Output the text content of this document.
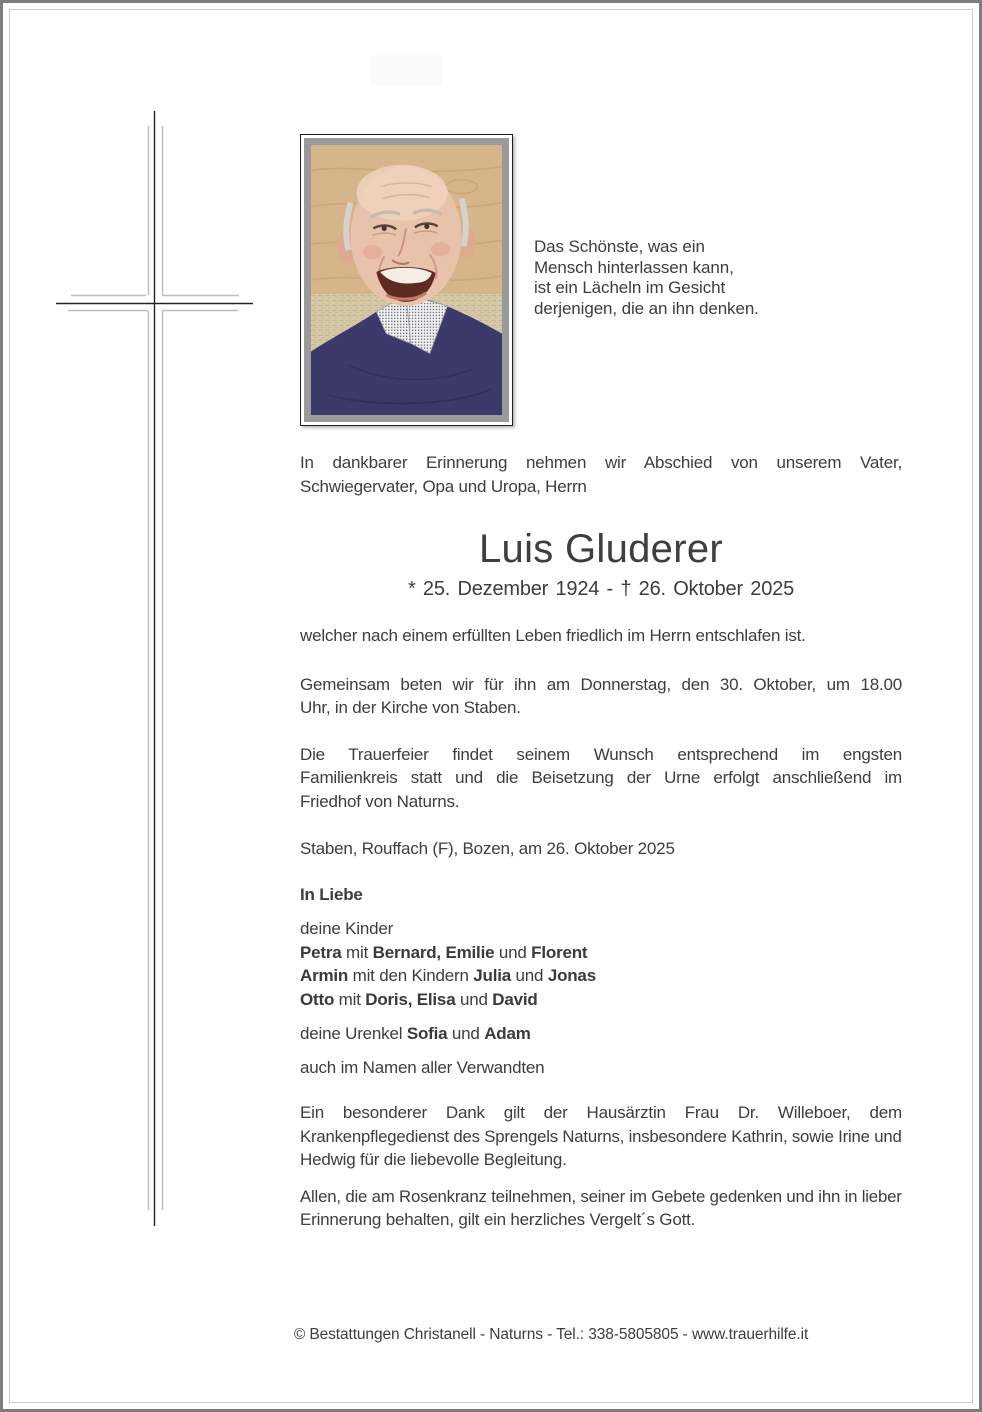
Das Schönste, was ein
Mensch hinterlassen kann,
ist ein Lächeln im Gesicht
derjenigen, die an ihn denken.
In dankbarer Erinnerung nehmen wir Abschied von unserem Vater,
Schwiegervater, Opa und Uropa, Herrn
Luis Gluderer
* 25. Dezember 1924 - † 26. Oktober 2025
welcher nach einem erfüllten Leben friedlich im Herrn entschlafen ist.
Gemeinsam beten wir für ihn am Donnerstag, den 30. Oktober, um 18.00
Uhr, in der Kirche von Staben.
Die Trauerfeier findet seinem Wunsch entsprechend im engsten
Familienkreis statt und die Beisetzung der Urne erfolgt anschließend im
Friedhof von Naturns.
Staben, Rouffach (F), Bozen, am 26. Oktober 2025
In Liebe
deine Kinder
Petra mit Bernard, Emilie und Florent
Armin mit den Kindern Julia und Jonas
Otto mit Doris, Elisa und David
deine Urenkel Sofia und Adam
auch im Namen aller Verwandten
Ein besonderer Dank gilt der Hausärztin Frau Dr. Willeboer, dem
Krankenpflegedienst des Sprengels Naturns, insbesondere Kathrin, sowie Irine und
Hedwig für die liebevolle Begleitung.
Allen, die am Rosenkranz teilnehmen, seiner im Gebete gedenken und ihn in lieber
Erinnerung behalten, gilt ein herzliches Vergelt´s Gott.
© Bestattungen Christanell - Naturns - Tel.: 338-5805805 - www.trauerhilfe.it
